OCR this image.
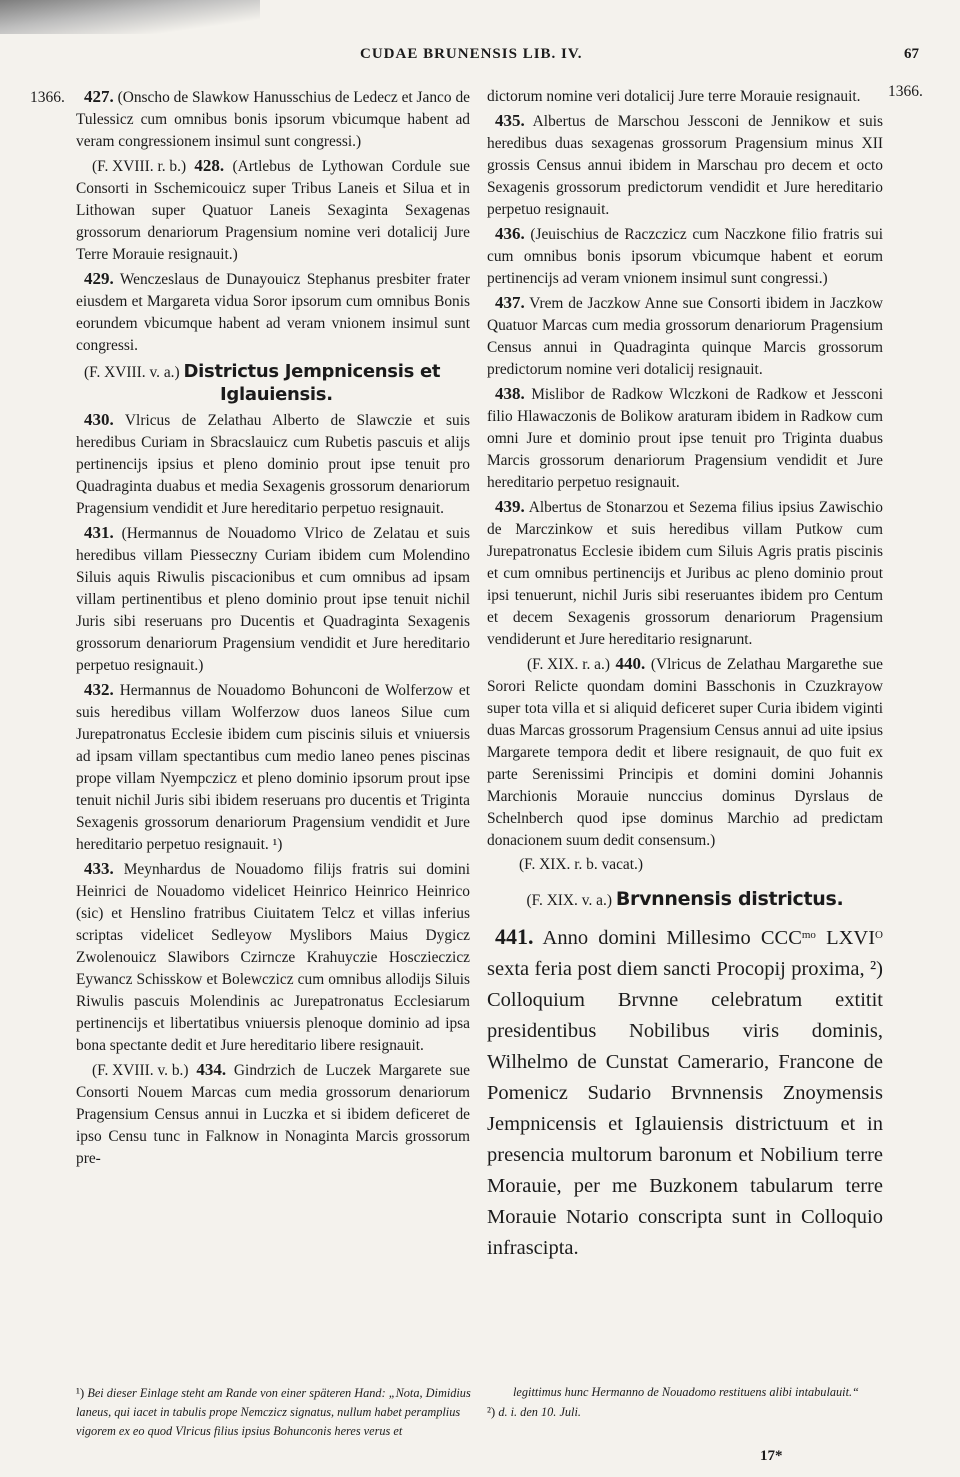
CUDAE BRUNENSIS LIB. IV.	67
1366.	1366.

427. (Onscho de Slawkow Hanusschius de Ledecz et Janco de Tulessicz cum omnibus bonis ipsorum vbicumque habent ad veram congressionem insimul sunt congressi.)

(F. XVIII. r. b.) 428. (Artlebus de Lythowan Cordule sue Consorti in Sschemicouicz super Tribus Laneis et Silua et in Lithowan super Quatuor Laneis Sexaginta Sexagenas grossorum denariorum Pragensium nomine veri dotalicij Jure Terre Morauie resignauit.)

429. Wenczeslaus de Dunayouicz Stephanus presbiter frater eiusdem et Margareta vidua Soror ipsorum cum omnibus Bonis eorundem vbicumque habent ad veram vnionem insimul sunt congressi.

(F. XVIII. v. a.) Districtus Jempnicensis et
Iglauiensis.

430. Vlricus de Zelathau Alberto de Slawczie et suis heredibus Curiam in Sbracslauicz cum Rubetis pascuis et alijs pertinencijs ipsius et pleno dominio prout ipse tenuit pro Quadraginta duabus et media Sexagenis grossorum denariorum Pragensium vendidit et Jure hereditario perpetuo resignauit.

431. (Hermannus de Nouadomo Vlrico de Zelatau et suis heredibus villam Piesseczny Curiam ibidem cum Molendino Siluis aquis Riwulis piscacionibus et cum omnibus ad ipsam villam pertinentibus et pleno dominio prout ipse tenuit nichil Juris sibi reseruans pro Ducentis et Quadraginta Sexagenis grossorum denariorum Pragensium vendidit et Jure hereditario perpetuo resignauit.)

432. Hermannus de Nouadomo Bohunconi de Wolferzow et suis heredibus villam Wolferzow duos laneos Silue cum Jurepatronatus Ecclesie ibidem cum piscinis siluis et vniuersis ad ipsam villam spectantibus cum medio laneo penes piscinas prope villam Nyempczicz et pleno dominio ipsorum prout ipse tenuit nichil Juris sibi ibidem reseruans pro ducentis et Triginta Sexagenis grossorum denariorum Pragensium vendidit et Jure hereditario perpetuo resignauit. ¹)

433. Meynhardus de Nouadomo filijs fratris sui domini Heinrici de Nouadomo videlicet Heinrico Heinrico Heinrico (sic) et Henslino fratribus Ciuitatem Telcz et villas inferius scriptas videlicet Sedleyow Myslibors Maius Dygicz Zwolenouicz Slawibors Czirncze Krahuyczie Hosczieczicz Eywancz Schisskow et Bolewczicz cum omnibus allodijs Siluis Riwulis pascuis Molendinis ac Jurepatronatus Ecclesiarum pertinencijs et libertatibus vniuersis plenoque dominio ad ipsa bona spectante dedit et Jure hereditario libere resignauit.

(F. XVIII. v. b.) 434. Gindrzich de Luczek Margarete sue Consorti Nouem Marcas cum media grossorum denariorum Pragensium Census annui in Luczka et si ibidem deficeret de ipso Censu tunc in Falknow in Nonaginta Marcis grossorum pre-

dictorum nomine veri dotalicij Jure terre Morauie resignauit.

435. Albertus de Marschou Jessconi de Jennikow et suis heredibus duas sexagenas grossorum Pragensium minus XII grossis Census annui ibidem in Marschau pro decem et octo Sexagenis grossorum predictorum vendidit et Jure hereditario perpetuo resignauit.

436. (Jeuischius de Raczczicz cum Naczkone filio fratris sui cum omnibus bonis ipsorum vbicumque habent et eorum pertinencijs ad veram vnionem insimul sunt congressi.)

437. Vrem de Jaczkow Anne sue Consorti ibidem in Jaczkow Quatuor Marcas cum media grossorum denariorum Pragensium Census annui in Quadraginta quinque Marcis grossorum predictorum nomine veri dotalicij resignauit.

438. Mislibor de Radkow Wlczkoni de Radkow et Jessconi filio Hlawaczonis de Bolikow araturam ibidem in Radkow cum omni Jure et dominio prout ipse tenuit pro Triginta duabus Marcis grossorum denariorum Pragensium vendidit et Jure hereditario perpetuo resignauit.

439. Albertus de Stonarzou et Sezema filius ipsius Zawischio de Marczinkow et suis heredibus villam Putkow cum Jurepatronatus Ecclesie ibidem cum Siluis Agris pratis piscinis et cum omnibus pertinencijs et Juribus ac pleno dominio prout ipsi tenuerunt, nichil Juris sibi reseruantes ibidem pro Centum et decem Sexagenis grossorum denariorum Pragensium vendiderunt et Jure hereditario resignarunt.

(F. XIX. r. a.) 440. (Vlricus de Zelathau Margarethe sue Sorori Relicte quondam domini Basschonis in Czuzkrayow super tota villa et si aliquid deficeret super Curia ibidem viginti duas Marcas grossorum Pragensium Census annui ad uite ipsius Margarete tempora dedit et libere resignauit, de quo fuit ex parte Serenissimi Principis et domini domini Johannis Marchionis Morauie nunccius dominus Dyrslaus de Schelnberch quod ipse dominus Marchio ad predictam donacionem suum dedit consensum.)

(F. XIX. r. b. vacat.)

(F. XIX. v. a.) Brvnnensis districtus.

441. Anno domini Millesimo $CCC^{mo}$ $LXVI^O$ sexta feria post diem sancti Procopij proxima, ²) Colloquium Brvnne celebratum extitit presidentibus Nobilibus viris dominis, Wilhelmo de Cunstat Camerario, Francone de Pomenicz Sudario Brvnnensis Znoymensis Jempnicensis et Iglauiensis districtuum et in presencia multorum baronum et Nobilium terre Morauie, per me Buzkonem tabularum terre Morauie Notario conscripta sunt in Colloquio infrascipta.

¹) Bei dieser Einlage steht am Rande von einer späteren Hand: „Nota, Dimidius laneus, qui iacet in tabulis prope Nemczicz signatus, nullum habet peramplius vigorem ex eo quod Vlricus filius ipsius Bohunconis heres verus et

legittimus hunc Hermanno de Nouadomo restituens alibi intabulauit.“

²) d. i. den 10. Juli.

17*
